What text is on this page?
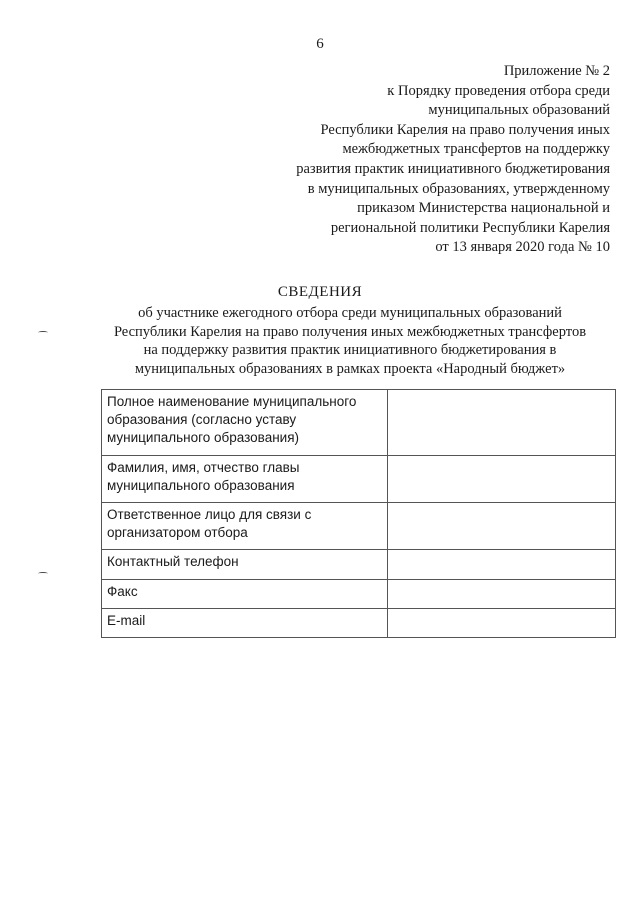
6
Приложение № 2
к Порядку проведения отбора среди
муниципальных образований
Республики Карелия на право получения иных
межбюджетных трансфертов на поддержку
развития практик инициативного бюджетирования
в муниципальных образованиях, утвержденному
приказом Министерства национальной и
региональной политики Республики Карелия
от 13 января 2020 года № 10
СВЕДЕНИЯ
об участнике ежегодного отбора среди муниципальных образований
Республики Карелия на право получения иных межбюджетных трансфертов
на поддержку развития практик инициативного бюджетирования в
муниципальных образованиях в рамках проекта «Народный бюджет»
Полное наименование муниципального
образования (согласно уставу
муниципального образования)	

Фамилия, имя, отчество главы
муниципального образования	

Ответственное лицо для связи с
организатором отбора	

Контактный телефон	

Факс	

E-mail	
